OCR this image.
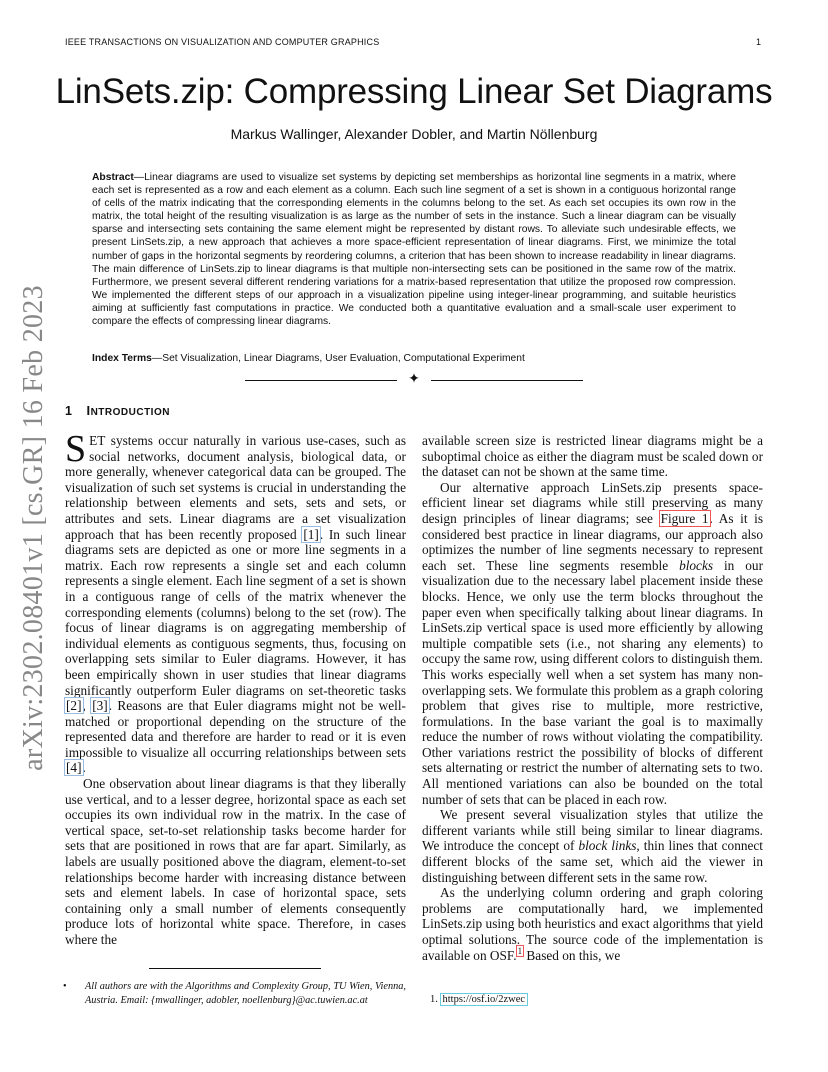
IEEE TRANSACTIONS ON VISUALIZATION AND COMPUTER GRAPHICS	1
arXiv:2302.08401v1 [cs.GR] 16 Feb 2023
LinSets.zip: Compressing Linear Set Diagrams
Markus Wallinger, Alexander Dobler, and Martin Nöllenburg
Abstract—Linear diagrams are used to visualize set systems by depicting set memberships as horizontal line segments in a matrix, where each set is represented as a row and each element as a column. Each such line segment of a set is shown in a contiguous horizontal range of cells of the matrix indicating that the corresponding elements in the columns belong to the set. As each set occupies its own row in the matrix, the total height of the resulting visualization is as large as the number of sets in the instance. Such a linear diagram can be visually sparse and intersecting sets containing the same element might be represented by distant rows. To alleviate such undesirable effects, we present LinSets.zip, a new approach that achieves a more space-efficient representation of linear diagrams. First, we minimize the total number of gaps in the horizontal segments by reordering columns, a criterion that has been shown to increase readability in linear diagrams. The main difference of LinSets.zip to linear diagrams is that multiple non-intersecting sets can be positioned in the same row of the matrix. Furthermore, we present several different rendering variations for a matrix-based representation that utilize the proposed row compression. We implemented the different steps of our approach in a visualization pipeline using integer-linear programming, and suitable heuristics aiming at sufficiently fast computations in practice. We conducted both a quantitative evaluation and a small-scale user experiment to compare the effects of compressing linear diagrams.
Index Terms—Set Visualization, Linear Diagrams, User Evaluation, Computational Experiment
✦
1 INTRODUCTION

SET systems occur naturally in various use-cases, such as social networks, document analysis, biological data, or more generally, whenever categorical data can be grouped. The visualization of such set systems is crucial in understanding the relationship between elements and sets, sets and sets, or attributes and sets. Linear diagrams are a set visualization approach that has been recently proposed [1]. In such linear diagrams sets are depicted as one or more line segments in a matrix. Each row represents a single set and each column represents a single element. Each line segment of a set is shown in a contiguous range of cells of the matrix whenever the corresponding elements (columns) belong to the set (row). The focus of linear diagrams is on aggregating membership of individual elements as contiguous segments, thus, focusing on overlapping sets similar to Euler diagrams. However, it has been empirically shown in user studies that linear diagrams significantly outperform Euler diagrams on set-theoretic tasks [2], [3]. Reasons are that Euler diagrams might not be well-matched or proportional depending on the structure of the represented data and therefore are harder to read or it is even impossible to visualize all occurring relationships between sets [4].

One observation about linear diagrams is that they liberally use vertical, and to a lesser degree, horizontal space as each set occupies its own individual row in the matrix. In the case of vertical space, set-to-set relationship tasks become harder for sets that are positioned in rows that are far apart. Similarly, as labels are usually positioned above the diagram, element-to-set relationships become harder with increasing distance between sets and element labels. In case of horizontal space, sets containing only a small number of elements consequently produce lots of horizontal white space. Therefore, in cases where the

available screen size is restricted linear diagrams might be a suboptimal choice as either the diagram must be scaled down or the dataset can not be shown at the same time.

Our alternative approach LinSets.zip presents space-efficient linear set diagrams while still preserving as many design principles of linear diagrams; see Figure 1. As it is considered best practice in linear diagrams, our approach also optimizes the number of line segments necessary to represent each set. These line segments resemble blocks in our visualization due to the necessary label placement inside these blocks. Hence, we only use the term blocks throughout the paper even when specifically talking about linear diagrams. In LinSets.zip vertical space is used more efficiently by allowing multiple compatible sets (i.e., not sharing any elements) to occupy the same row, using different colors to distinguish them. This works especially well when a set system has many non-overlapping sets. We formulate this problem as a graph coloring problem that gives rise to multiple, more restrictive, formulations. In the base variant the goal is to maximally reduce the number of rows without violating the compatibility. Other variations restrict the possibility of blocks of different sets alternating or restrict the number of alternating sets to two. All mentioned variations can also be bounded on the total number of sets that can be placed in each row.

We present several visualization styles that utilize the different variants while still being similar to linear diagrams. We introduce the concept of block links, thin lines that connect different blocks of the same set, which aid the viewer in distinguishing between different sets in the same row.

As the underlying column ordering and graph coloring problems are computationally hard, we implemented LinSets.zip using both heuristics and exact algorithms that yield optimal solutions. The source code of the implementation is available on OSF.$^1$ Based on this, we

•	All authors are with the Algorithms and Complexity Group, TU Wien, Vienna, Austria. Email: {mwallinger, adobler, noellenburg}@ac.tuwien.ac.at	1. https://osf.io/2zwec
